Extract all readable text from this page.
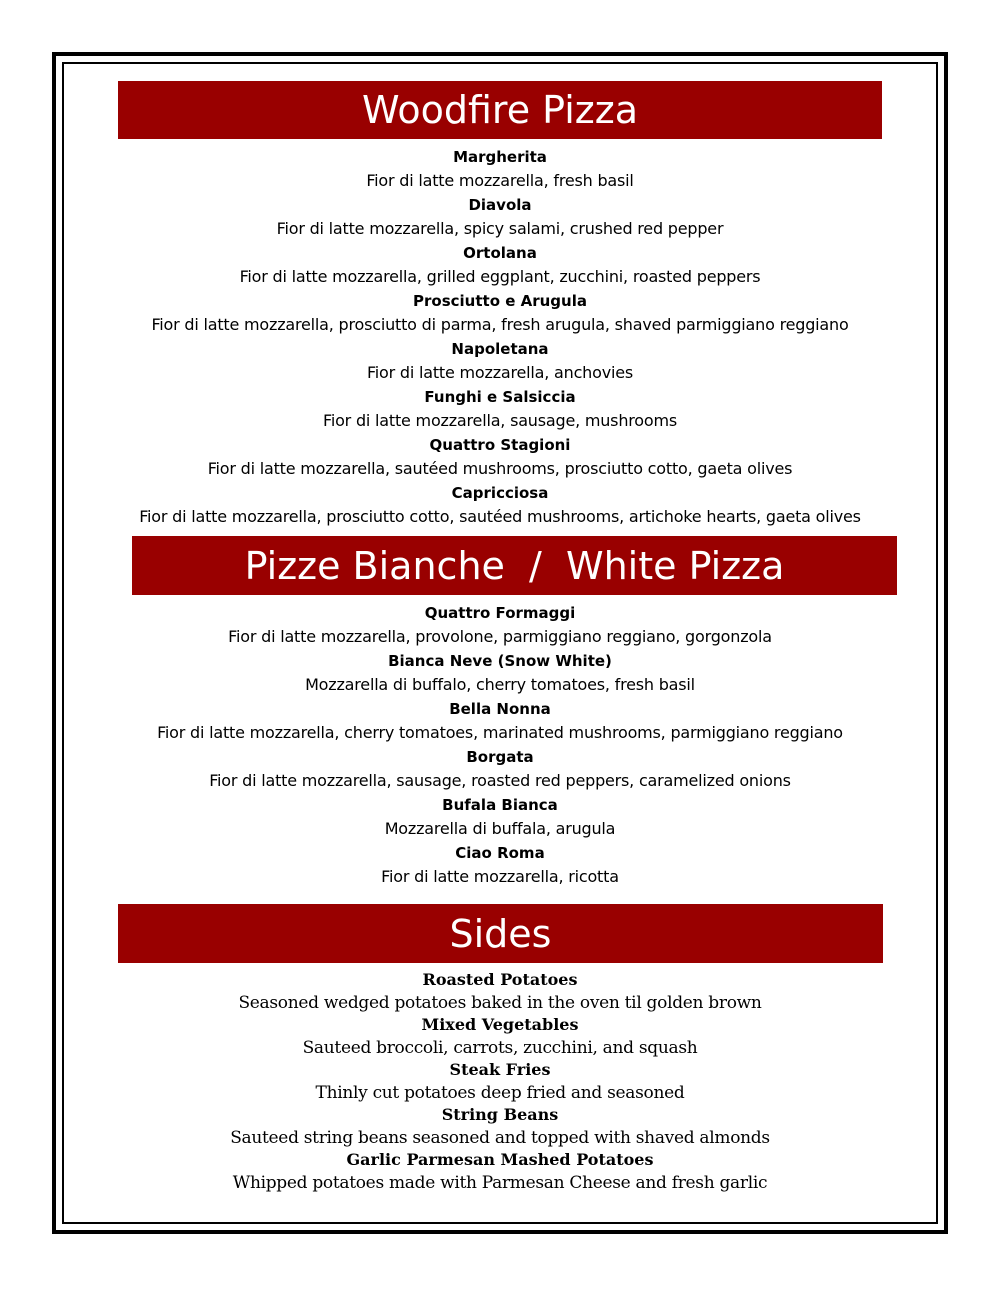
Woodfire Pizza
Margherita
Fior di latte mozzarella, fresh basil
Diavola
Fior di latte mozzarella, spicy salami, crushed red pepper
Ortolana
Fior di latte mozzarella, grilled eggplant, zucchini, roasted peppers
Prosciutto e Arugula
Fior di latte mozzarella, prosciutto di parma, fresh arugula, shaved parmiggiano reggiano
Napoletana
Fior di latte mozzarella, anchovies
Funghi e Salsiccia
Fior di latte mozzarella, sausage, mushrooms
Quattro Stagioni
Fior di latte mozzarella, sautéed mushrooms, prosciutto cotto, gaeta olives
Capricciosa
Fior di latte mozzarella, prosciutto cotto, sautéed mushrooms, artichoke hearts, gaeta olives
Pizze Bianche  /  White Pizza
Quattro Formaggi
Fior di latte mozzarella, provolone, parmiggiano reggiano, gorgonzola
Bianca Neve (Snow White)
Mozzarella di buffalo, cherry tomatoes, fresh basil
Bella Nonna
Fior di latte mozzarella, cherry tomatoes, marinated mushrooms, parmiggiano reggiano
Borgata
Fior di latte mozzarella, sausage, roasted red peppers, caramelized onions
Bufala Bianca
Mozzarella di buffala, arugula
Ciao Roma
Fior di latte mozzarella, ricotta
Sides
Roasted Potatoes
Seasoned wedged potatoes baked in the oven til golden brown
Mixed Vegetables
Sauteed broccoli, carrots, zucchini, and squash
Steak Fries
Thinly cut potatoes deep fried and seasoned
String Beans
Sauteed string beans seasoned and topped with shaved almonds
Garlic Parmesan Mashed Potatoes
Whipped potatoes made with Parmesan Cheese and fresh garlic
